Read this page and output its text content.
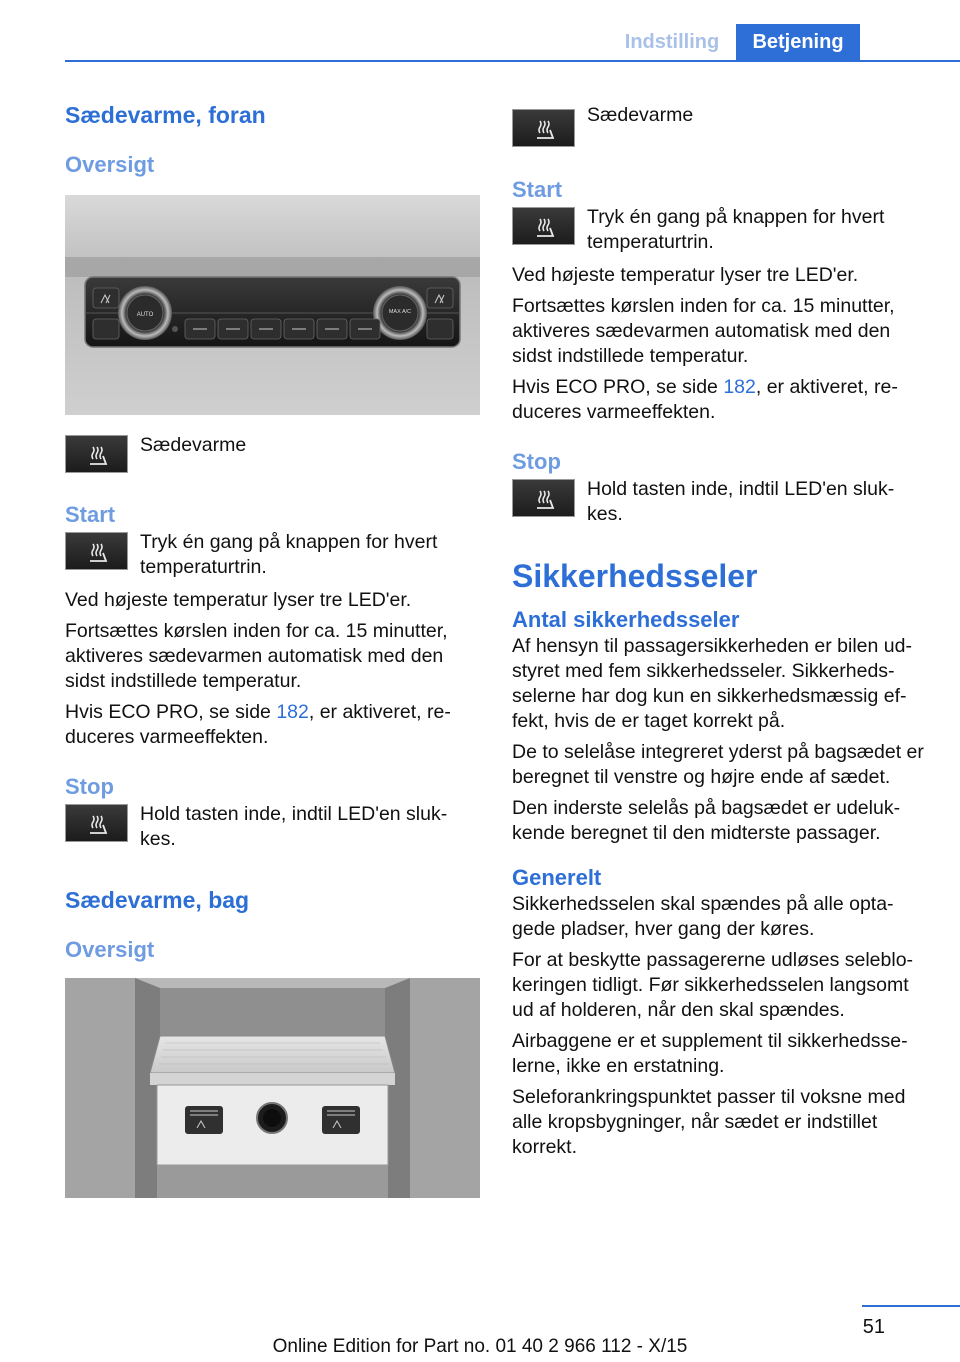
Indstilling	Betjening
Sædevarme, foran
Oversigt
AUTO	MAX A/C

Sædevarme

Start

Tryk én gang på knappen for hvert temperaturtrin.

Ved højeste temperatur lyser tre LED'er.

Fortsættes kørslen inden for ca. 15 minutter, aktiveres sædevarmen automatisk med den sidst indstillede temperatur.

Hvis ECO PRO, se side 182, er aktiveret, re‐duceres varmeeffekten.

Stop

Hold tasten inde, indtil LED'en sluk‐kes.

Sædevarme, bag
Oversigt

Sædevarme

Start

Tryk én gang på knappen for hvert temperaturtrin.

Ved højeste temperatur lyser tre LED'er.

Fortsættes kørslen inden for ca. 15 minutter, aktiveres sædevarmen automatisk med den sidst indstillede temperatur.

Hvis ECO PRO, se side 182, er aktiveret, re‐duceres varmeeffekten.

Stop

Hold tasten inde, indtil LED'en sluk‐kes.

Sikkerhedsseler
Antal sikkerhedsseler

Af hensyn til passagersikkerheden er bilen ud‐styret med fem sikkerhedsseler. Sikkerheds‐selerne har dog kun en sikkerhedsmæssig ef‐fekt, hvis de er taget korrekt på.

De to selelåse integreret yderst på bagsædet er beregnet til venstre og højre ende af sædet.

Den inderste selelås på bagsædet er udeluk‐kende beregnet til den midterste passager.

Generelt

Sikkerhedsselen skal spændes på alle opta‐gede pladser, hver gang der køres.

For at beskytte passagererne udløses seleblo‐keringen tidligt. Før sikkerhedsselen langsomt ud af holderen, når den skal spændes.

Airbaggene er et supplement til sikkerhedsse‐lerne, ikke en erstatning.

Seleforankringspunktet passer til voksne med alle kropsbygninger, når sædet er indstillet korrekt.

51
Online Edition for Part no. 01 40 2 966 112 - X/15
